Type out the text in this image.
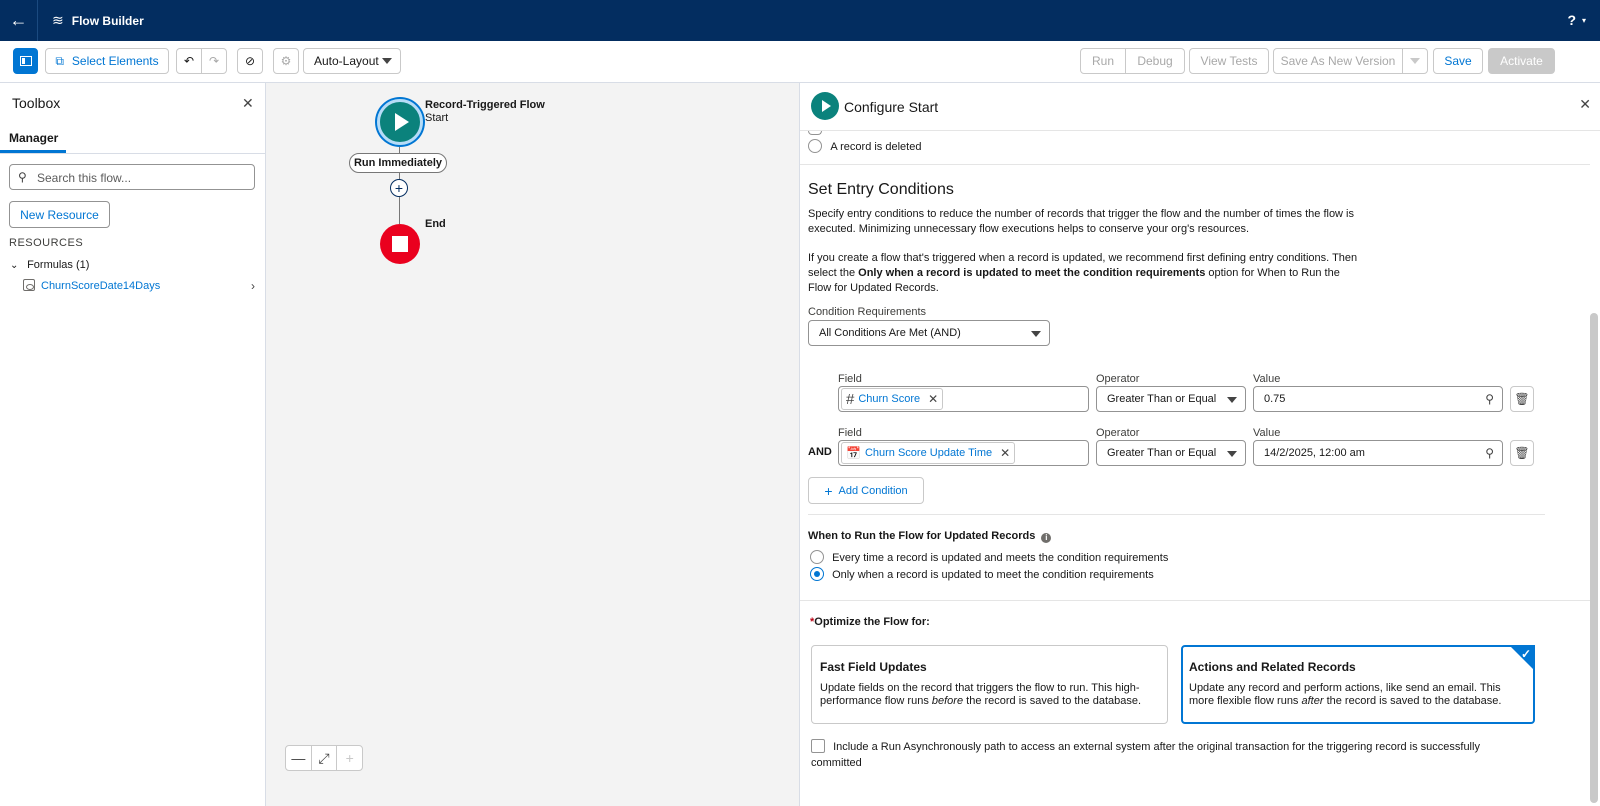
←	≋ Flow Builder	? ▾
⧉ Select Elements ↶ ↷ ⊘ ⚙ Auto-Layout	Run	Debug	View Tests	Save As New Version	Save	Activate
Toolbox	✕
Manager
⚲ Search this flow...
New Resource
RESOURCES
⌄ Formulas (1)
ChurnScoreDate14Days	›
Record-Triggered Flow
Start
Run Immediately
+
End
— ⤢	+
Configure Start	✕
A record is deleted
Set Entry Conditions
Specify entry conditions to reduce the number of records that trigger the flow and the number of times the flow is executed. Minimizing unnecessary flow executions helps to conserve your org's resources.
If you create a flow that's triggered when a record is updated, we recommend first defining entry conditions. Then select the Only when a record is updated to meet the condition requirements option for When to Run the Flow for Updated Records.
Condition Requirements
All Conditions Are Met (AND)
Field
# Churn Score ✕
Operator
Greater Than or Equal
Value
0.75	⚲ 🗑
AND
Field
📅 Churn Score Update Time ✕
Operator
Greater Than or Equal
Value
14/2/2025, 12:00 am	⚲ 🗑
+ Add Condition
When to Run the Flow for Updated Records i
Every time a record is updated and meets the condition requirements
Only when a record is updated to meet the condition requirements
*Optimize the Flow for:
Fast Field Updates
Update fields on the record that triggers the flow to run. This high-performance flow runs before the record is saved to the database.
Actions and Related Records
Update any record and perform actions, like send an email. This more flexible flow runs after the record is saved to the database.
✓
Include a Run Asynchronously path to access an external system after the original transaction for the triggering record is successfully committed
